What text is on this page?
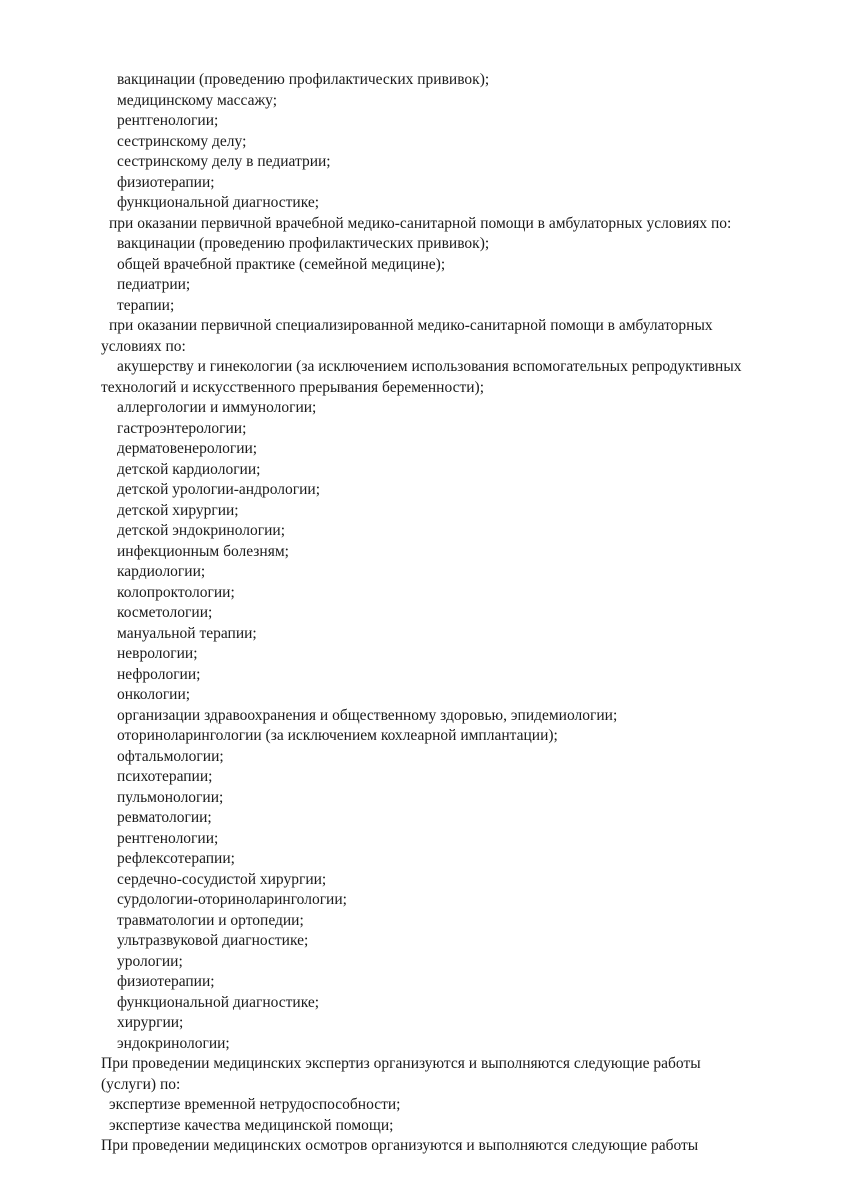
вакцинации (проведению профилактических прививок);
медицинскому массажу;
рентгенологии;
сестринскому делу;
сестринскому делу в педиатрии;
физиотерапии;
функциональной диагностике;
при оказании первичной врачебной медико-санитарной помощи в амбулаторных условиях по:
вакцинации (проведению профилактических прививок);
общей врачебной практике (семейной медицине);
педиатрии;
терапии;
при оказании первичной специализированной медико-санитарной помощи в амбулаторных
условиях по:
акушерству и гинекологии (за исключением использования вспомогательных репродуктивных
технологий и искусственного прерывания беременности);
аллергологии и иммунологии;
гастроэнтерологии;
дерматовенерологии;
детской кардиологии;
детской урологии-андрологии;
детской хирургии;
детской эндокринологии;
инфекционным болезням;
кардиологии;
колопроктологии;
косметологии;
мануальной терапии;
неврологии;
нефрологии;
онкологии;
организации здравоохранения и общественному здоровью, эпидемиологии;
оториноларингологии (за исключением кохлеарной имплантации);
офтальмологии;
психотерапии;
пульмонологии;
ревматологии;
рентгенологии;
рефлексотерапии;
сердечно-сосудистой хирургии;
сурдологии-оториноларингологии;
травматологии и ортопедии;
ультразвуковой диагностике;
урологии;
физиотерапии;
функциональной диагностике;
хирургии;
эндокринологии;
При проведении медицинских экспертиз организуются и выполняются следующие работы
(услуги) по:
экспертизе временной нетрудоспособности;
экспертизе качества медицинской помощи;
При проведении медицинских осмотров организуются и выполняются следующие работы
